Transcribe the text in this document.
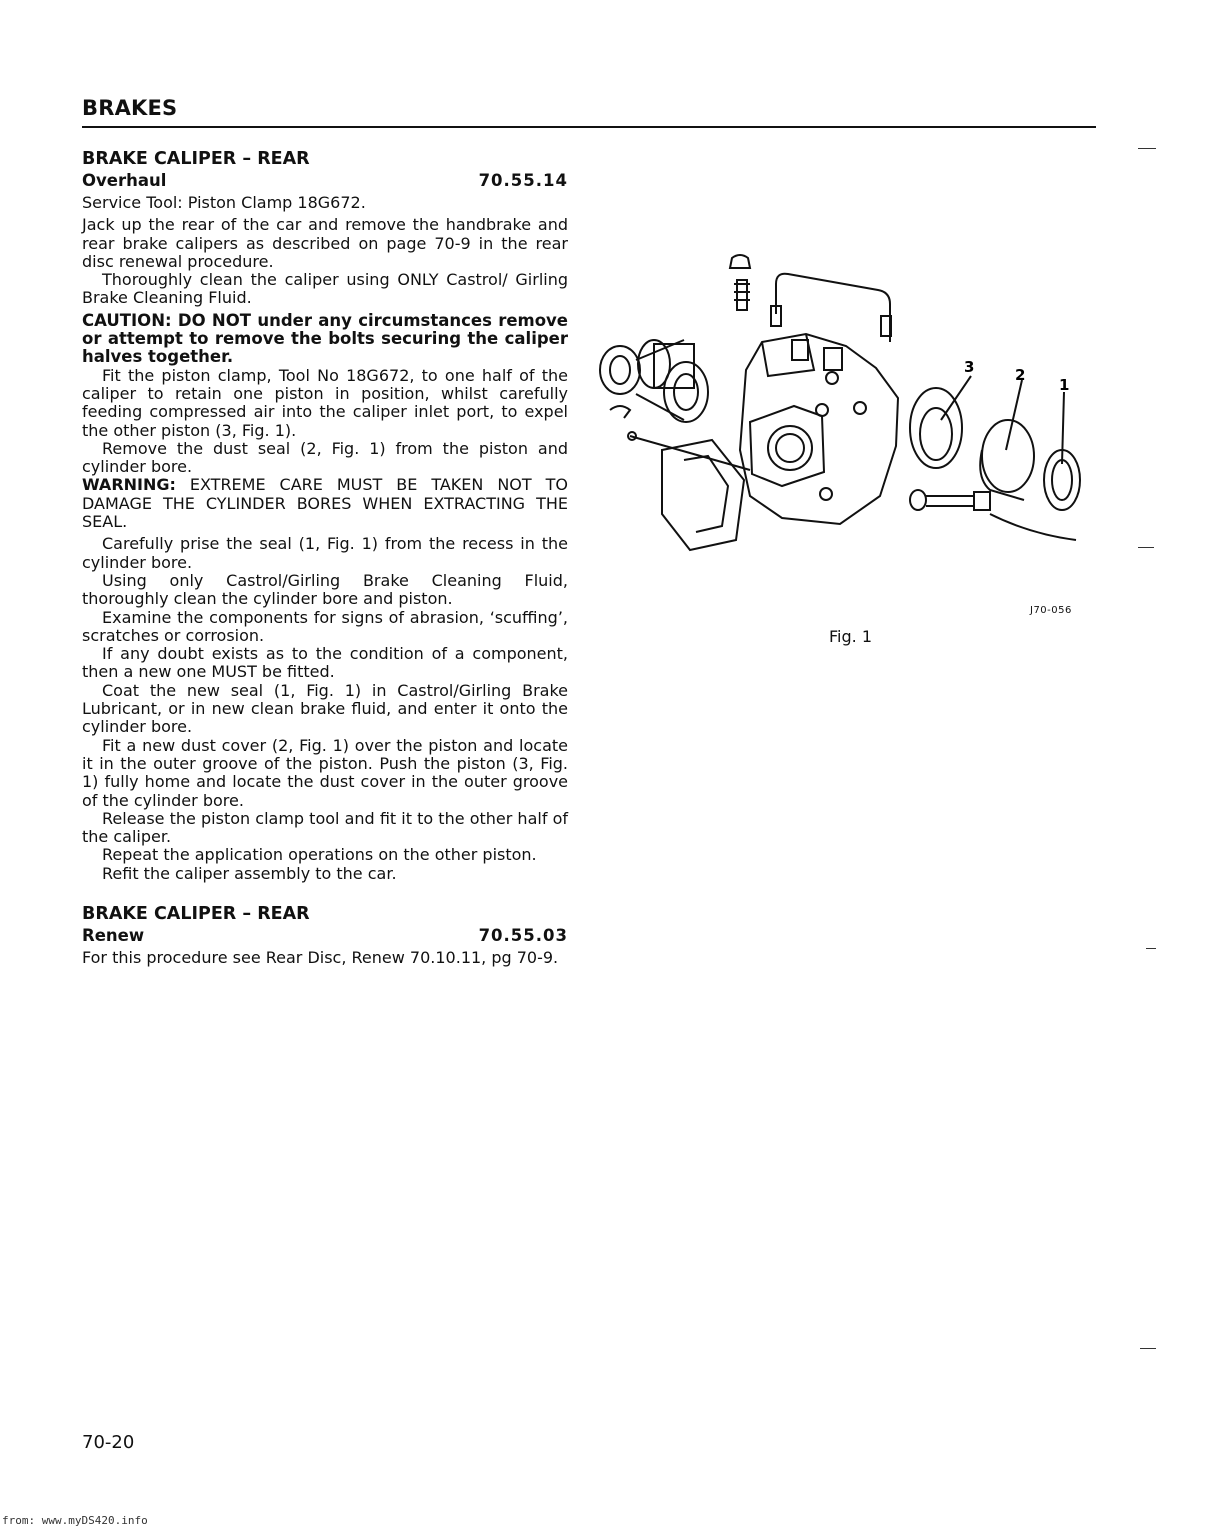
BRAKES
BRAKE CALIPER – REAR
Overhaul	70.55.14

Service Tool: Piston Clamp 18G672.

Jack up the rear of the car and remove the handbrake and rear brake calipers as described on page 70-9 in the rear disc renewal procedure.

Thoroughly clean the caliper using ONLY Castrol/ Girling Brake Cleaning Fluid.

CAUTION: DO NOT under any circumstances remove or attempt to remove the bolts securing the caliper halves together.

Fit the piston clamp, Tool No 18G672, to one half of the caliper to retain one piston in position, whilst carefully feeding compressed air into the caliper inlet port, to expel the other piston (3, Fig. 1).

Remove the dust seal (2, Fig. 1) from the piston and cylinder bore.

WARNING: EXTREME CARE MUST BE TAKEN NOT TO DAMAGE THE CYLINDER BORES WHEN EXTRACTING THE SEAL.

Carefully prise the seal (1, Fig. 1) from the recess in the cylinder bore.

Using only Castrol/Girling Brake Cleaning Fluid, thoroughly clean the cylinder bore and piston.

Examine the components for signs of abrasion, ‘scuffing’, scratches or corrosion.

If any doubt exists as to the condition of a component, then a new one MUST be fitted.

Coat the new seal (1, Fig. 1) in Castrol/Girling Brake Lubricant, or in new clean brake fluid, and enter it onto the cylinder bore.

Fit a new dust cover (2, Fig. 1) over the piston and locate it in the outer groove of the piston. Push the piston (3, Fig. 1) fully home and locate the dust cover in the outer groove of the cylinder bore.

Release the piston clamp tool and fit it to the other half of the caliper.

Repeat the application operations on the other piston.

Refit the caliper assembly to the car.

BRAKE CALIPER – REAR
Renew	70.55.03

For this procedure see Rear Disc, Renew 70.10.11, pg 70-9.

3	2
1
J70-056
Fig. 1
70-20
from: www.myDS420.info
